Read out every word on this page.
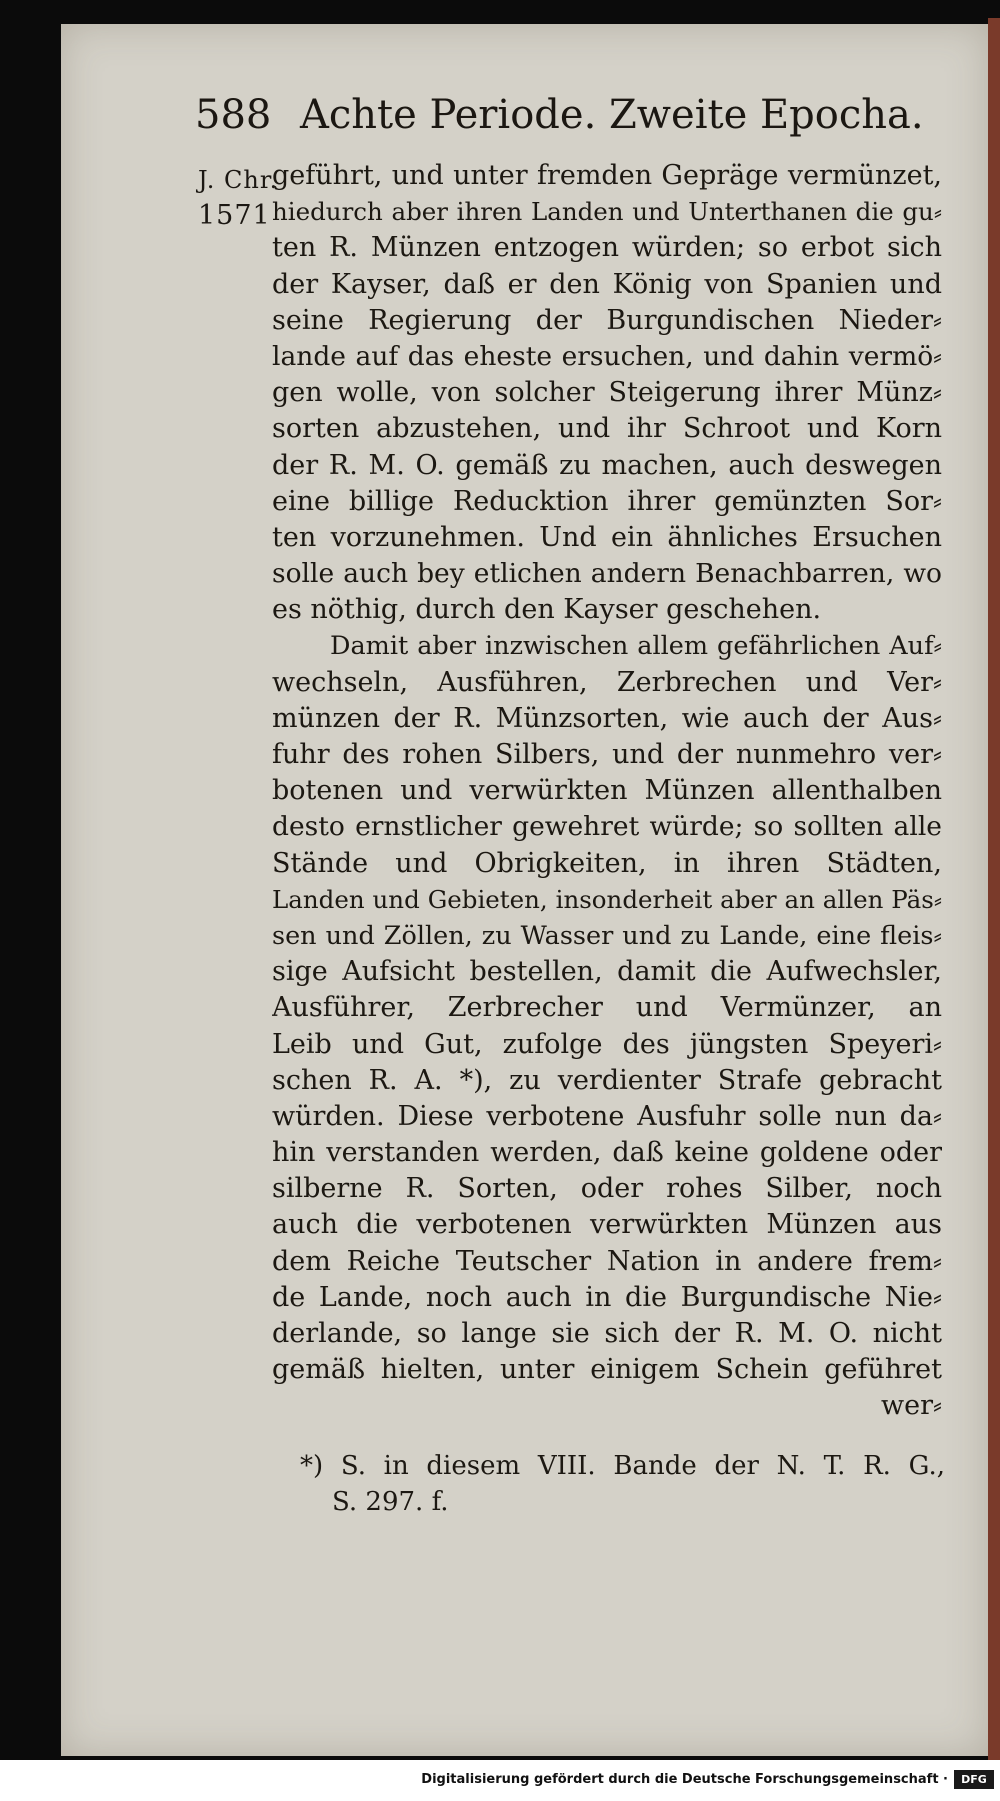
588 Achte Periode. Zweite Epocha.
J. Chr.
1571
geführt, und unter fremden Gepräge vermünzet,
hiedurch aber ihren Landen und Unterthanen die gu⸗
ten R. Münzen entzogen würden; so erbot sich
der Kayser, daß er den König von Spanien und
seine Regierung der Burgundischen Nieder⸗
lande auf das eheste ersuchen, und dahin vermö⸗
gen wolle, von solcher Steigerung ihrer Münz⸗
sorten abzustehen, und ihr Schroot und Korn
der R. M. O. gemäß zu machen, auch deswegen
eine billige Reducktion ihrer gemünzten Sor⸗
ten vorzunehmen. Und ein ähnliches Ersuchen
solle auch bey etlichen andern Benachbarren, wo
es nöthig, durch den Kayser geschehen.
Damit aber inzwischen allem gefährlichen Auf⸗
wechseln, Ausführen, Zerbrechen und Ver⸗
münzen der R. Münzsorten, wie auch der Aus⸗
fuhr des rohen Silbers, und der nunmehro ver⸗
botenen und verwürkten Münzen allenthalben
desto ernstlicher gewehret würde; so sollten alle
Stände und Obrigkeiten, in ihren Städten,
Landen und Gebieten, insonderheit aber an allen Päs⸗
sen und Zöllen, zu Wasser und zu Lande, eine fleis⸗
sige Aufsicht bestellen, damit die Aufwechsler,
Ausführer, Zerbrecher und Vermünzer, an
Leib und Gut, zufolge des jüngsten Speyeri⸗
schen R. A. *), zu verdienter Strafe gebracht
würden. Diese verbotene Ausfuhr solle nun da⸗
hin verstanden werden, daß keine goldene oder
silberne R. Sorten, oder rohes Silber, noch
auch die verbotenen verwürkten Münzen aus
dem Reiche Teutscher Nation in andere frem⸗
de Lande, noch auch in die Burgundische Nie⸗
derlande, so lange sie sich der R. M. O. nicht
gemäß hielten, unter einigem Schein geführet
wer⸗
*) S. in diesem VIII. Bande der N. T. R. G.,
S. 297. f.
Digitalisierung gefördert durch die Deutsche Forschungsgemeinschaft ·	DFG
